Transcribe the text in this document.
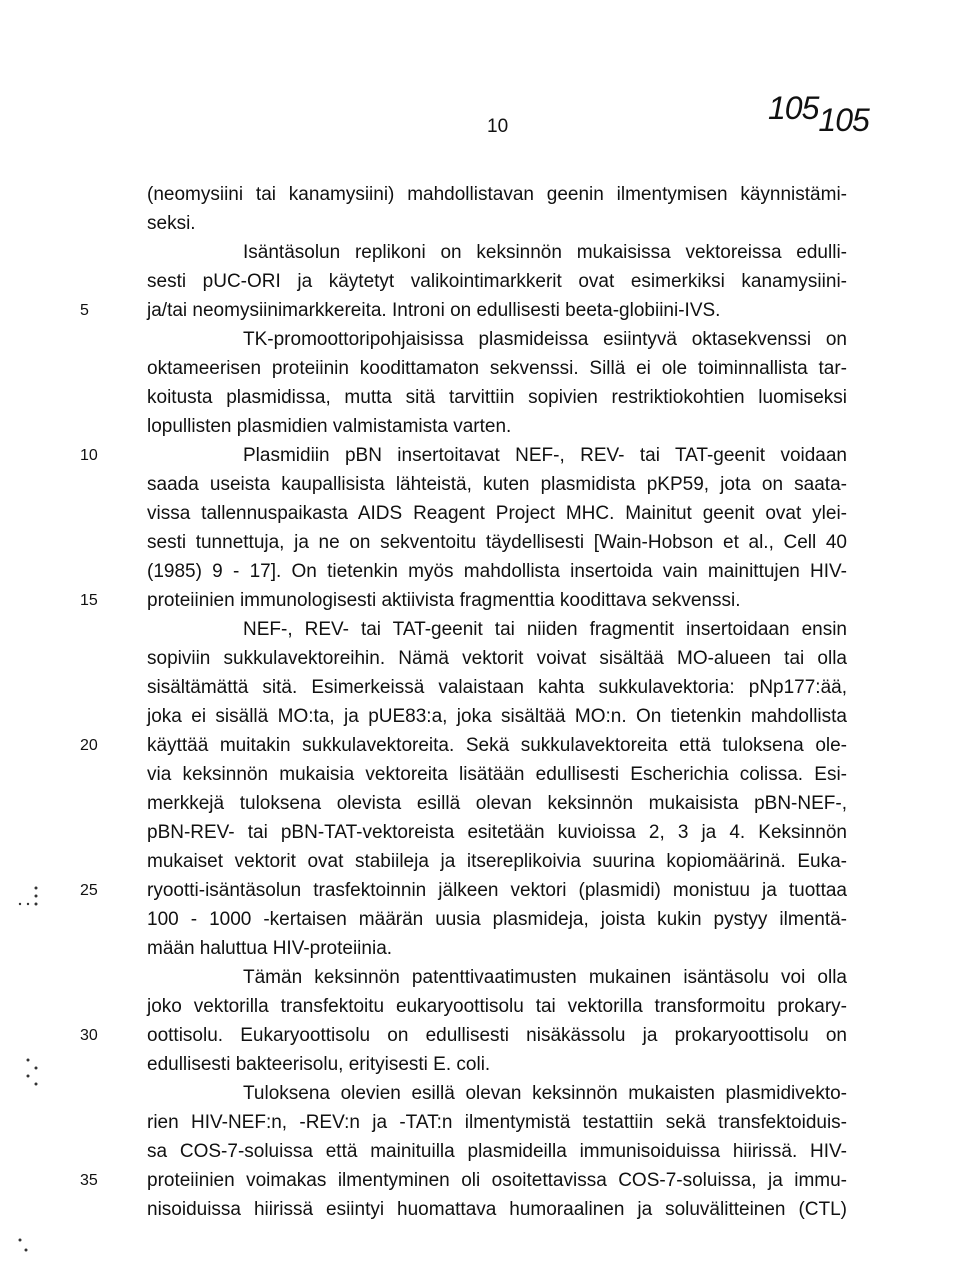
10
105105
(neomysiini tai kanamysiini) mahdollistavan geenin ilmentymisen käynnistämi-
seksi.
Isäntäsolun replikoni on keksinnön mukaisissa vektoreissa edulli-
sesti pUC-ORI ja käytetyt valikointimarkkerit ovat esimerkiksi kanamysiini-
ja/tai neomysiinimarkkereita. Introni on edullisesti beeta-globiini-IVS.
TK-promoottoripohjaisissa plasmideissa esiintyvä oktasekvenssi on
oktameerisen proteiinin koodittamaton sekvenssi. Sillä ei ole toiminnallista tar-
koitusta plasmidissa, mutta sitä tarvittiin sopivien restriktiokohtien luomiseksi
lopullisten plasmidien valmistamista varten.
Plasmidiin pBN insertoitavat NEF-, REV- tai TAT-geenit voidaan
saada useista kaupallisista lähteistä, kuten plasmidista pKP59, jota on saata-
vissa tallennuspaikasta AIDS Reagent Project MHC. Mainitut geenit ovat ylei-
sesti tunnettuja, ja ne on sekventoitu täydellisesti [Wain-Hobson et al., Cell 40
(1985) 9 - 17]. On tietenkin myös mahdollista insertoida vain mainittujen HIV-
proteiinien immunologisesti aktiivista fragmenttia koodittava sekvenssi.
NEF-, REV- tai TAT-geenit tai niiden fragmentit insertoidaan ensin
sopiviin sukkulavektoreihin. Nämä vektorit voivat sisältää MO-alueen tai olla
sisältämättä sitä. Esimerkeissä valaistaan kahta sukkulavektoria: pNp177:ää,
joka ei sisällä MO:ta, ja pUE83:a, joka sisältää MO:n. On tietenkin mahdollista
käyttää muitakin sukkulavektoreita. Sekä sukkulavektoreita että tuloksena ole-
via keksinnön mukaisia vektoreita lisätään edullisesti Escherichia colissa. Esi-
merkkejä tuloksena olevista esillä olevan keksinnön mukaisista pBN-NEF-,
pBN-REV- tai pBN-TAT-vektoreista esitetään kuvioissa 2, 3 ja 4. Keksinnön
mukaiset vektorit ovat stabiileja ja itsereplikoivia suurina kopiomäärinä. Euka-
ryootti-isäntäsolun trasfektoinnin jälkeen vektori (plasmidi) monistuu ja tuottaa
100 - 1000 -kertaisen määrän uusia plasmideja, joista kukin pystyy ilmentä-
mään haluttua HIV-proteiinia.
Tämän keksinnön patenttivaatimusten mukainen isäntäsolu voi olla
joko vektorilla transfektoitu eukaryoottisolu tai vektorilla transformoitu prokary-
oottisolu. Eukaryoottisolu on edullisesti nisäkässolu ja prokaryoottisolu on
edullisesti bakteerisolu, erityisesti E. coli.
Tuloksena olevien esillä olevan keksinnön mukaisten plasmidivekto-
rien HIV-NEF:n, -REV:n ja -TAT:n ilmentymistä testattiin sekä transfektoiduis-
sa COS-7-soluissa että mainituilla plasmideilla immunisoiduissa hiirissä. HIV-
proteiinien voimakas ilmentyminen oli osoitettavissa COS-7-soluissa, ja immu-
nisoiduissa hiirissä esiintyi huomattava humoraalinen ja soluvälitteinen (CTL)
5
10
15
20
25
30
35
